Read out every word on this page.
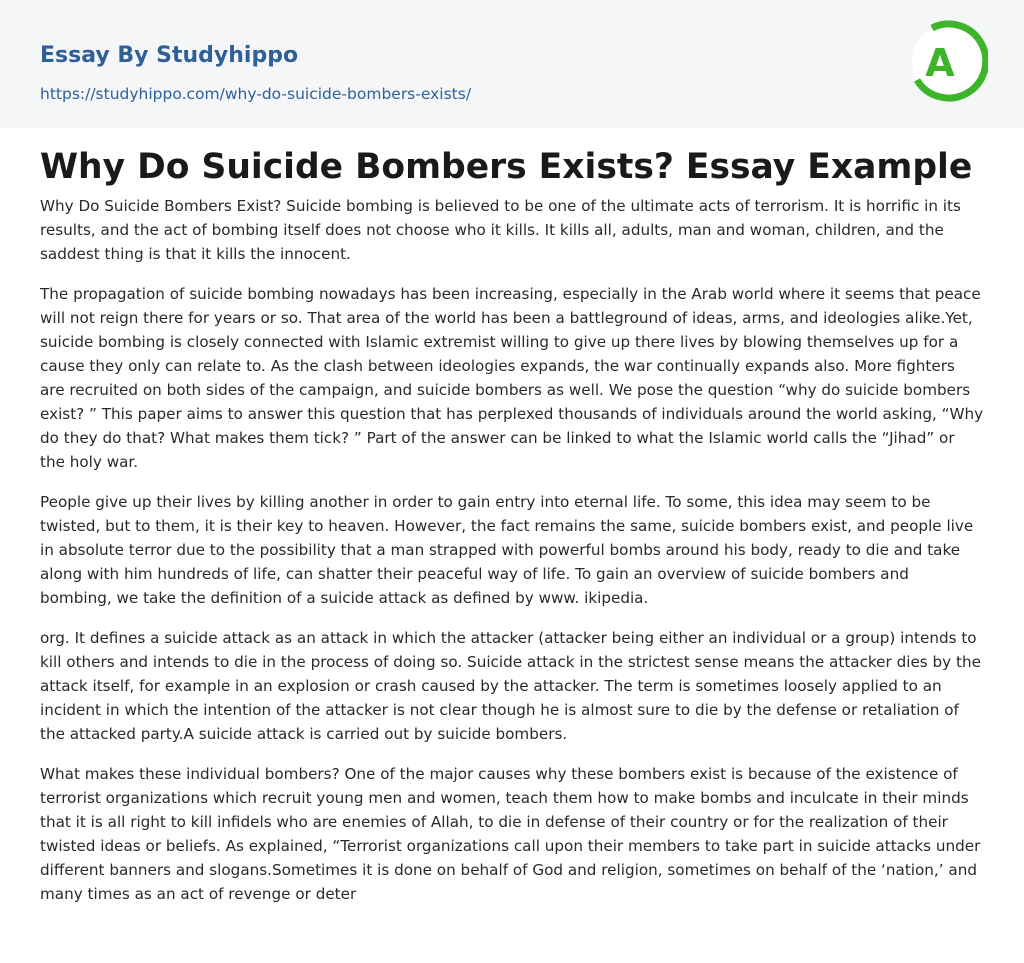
Essay By Studyhippo
https://studyhippo.com/why-do-suicide-bombers-exists/
A
Why Do Suicide Bombers Exists? Essay Example

Why Do Suicide Bombers Exist? Suicide bombing is believed to be one of the ultimate acts of terrorism. It is horrific in its results, and the act of bombing itself does not choose who it kills. It kills all, adults, man and woman, children, and the saddest thing is that it kills the innocent.

The propagation of suicide bombing nowadays has been increasing, especially in the Arab world where it seems that peace will not reign there for years or so. That area of the world has been a battleground of ideas, arms, and ideologies alike.Yet, suicide bombing is closely connected with Islamic extremist willing to give up there lives by blowing themselves up for a cause they only can relate to. As the clash between ideologies expands, the war continually expands also. More fighters are recruited on both sides of the campaign, and suicide bombers as well. We pose the question “why do suicide bombers exist? ” This paper aims to answer this question that has perplexed thousands of individuals around the world asking, “Why do they do that? What makes them tick? ” Part of the answer can be linked to what the Islamic world calls the “Jihad” or the holy war.

People give up their lives by killing another in order to gain entry into eternal life. To some, this idea may seem to be twisted, but to them, it is their key to heaven. However, the fact remains the same, suicide bombers exist, and people live in absolute terror due to the possibility that a man strapped with powerful bombs around his body, ready to die and take along with him hundreds of life, can shatter their peaceful way of life. To gain an overview of suicide bombers and bombing, we take the definition of a suicide attack as defined by www. ikipedia.

org. It defines a suicide attack as an attack in which the attacker (attacker being either an individual or a group) intends to kill others and intends to die in the process of doing so. Suicide attack in the strictest sense means the attacker dies by the attack itself, for example in an explosion or crash caused by the attacker. The term is sometimes loosely applied to an incident in which the intention of the attacker is not clear though he is almost sure to die by the defense or retaliation of the attacked party.A suicide attack is carried out by suicide bombers.

What makes these individual bombers? One of the major causes why these bombers exist is because of the existence of terrorist organizations which recruit young men and women, teach them how to make bombs and inculcate in their minds that it is all right to kill infidels who are enemies of Allah, to die in defense of their country or for the realization of their twisted ideas or beliefs. As explained, “Terrorist organizations call upon their members to take part in suicide attacks under different banners and slogans.Sometimes it is done on behalf of God and religion, sometimes on behalf of the ‘nation,’ and many times as an act of revenge or deter
